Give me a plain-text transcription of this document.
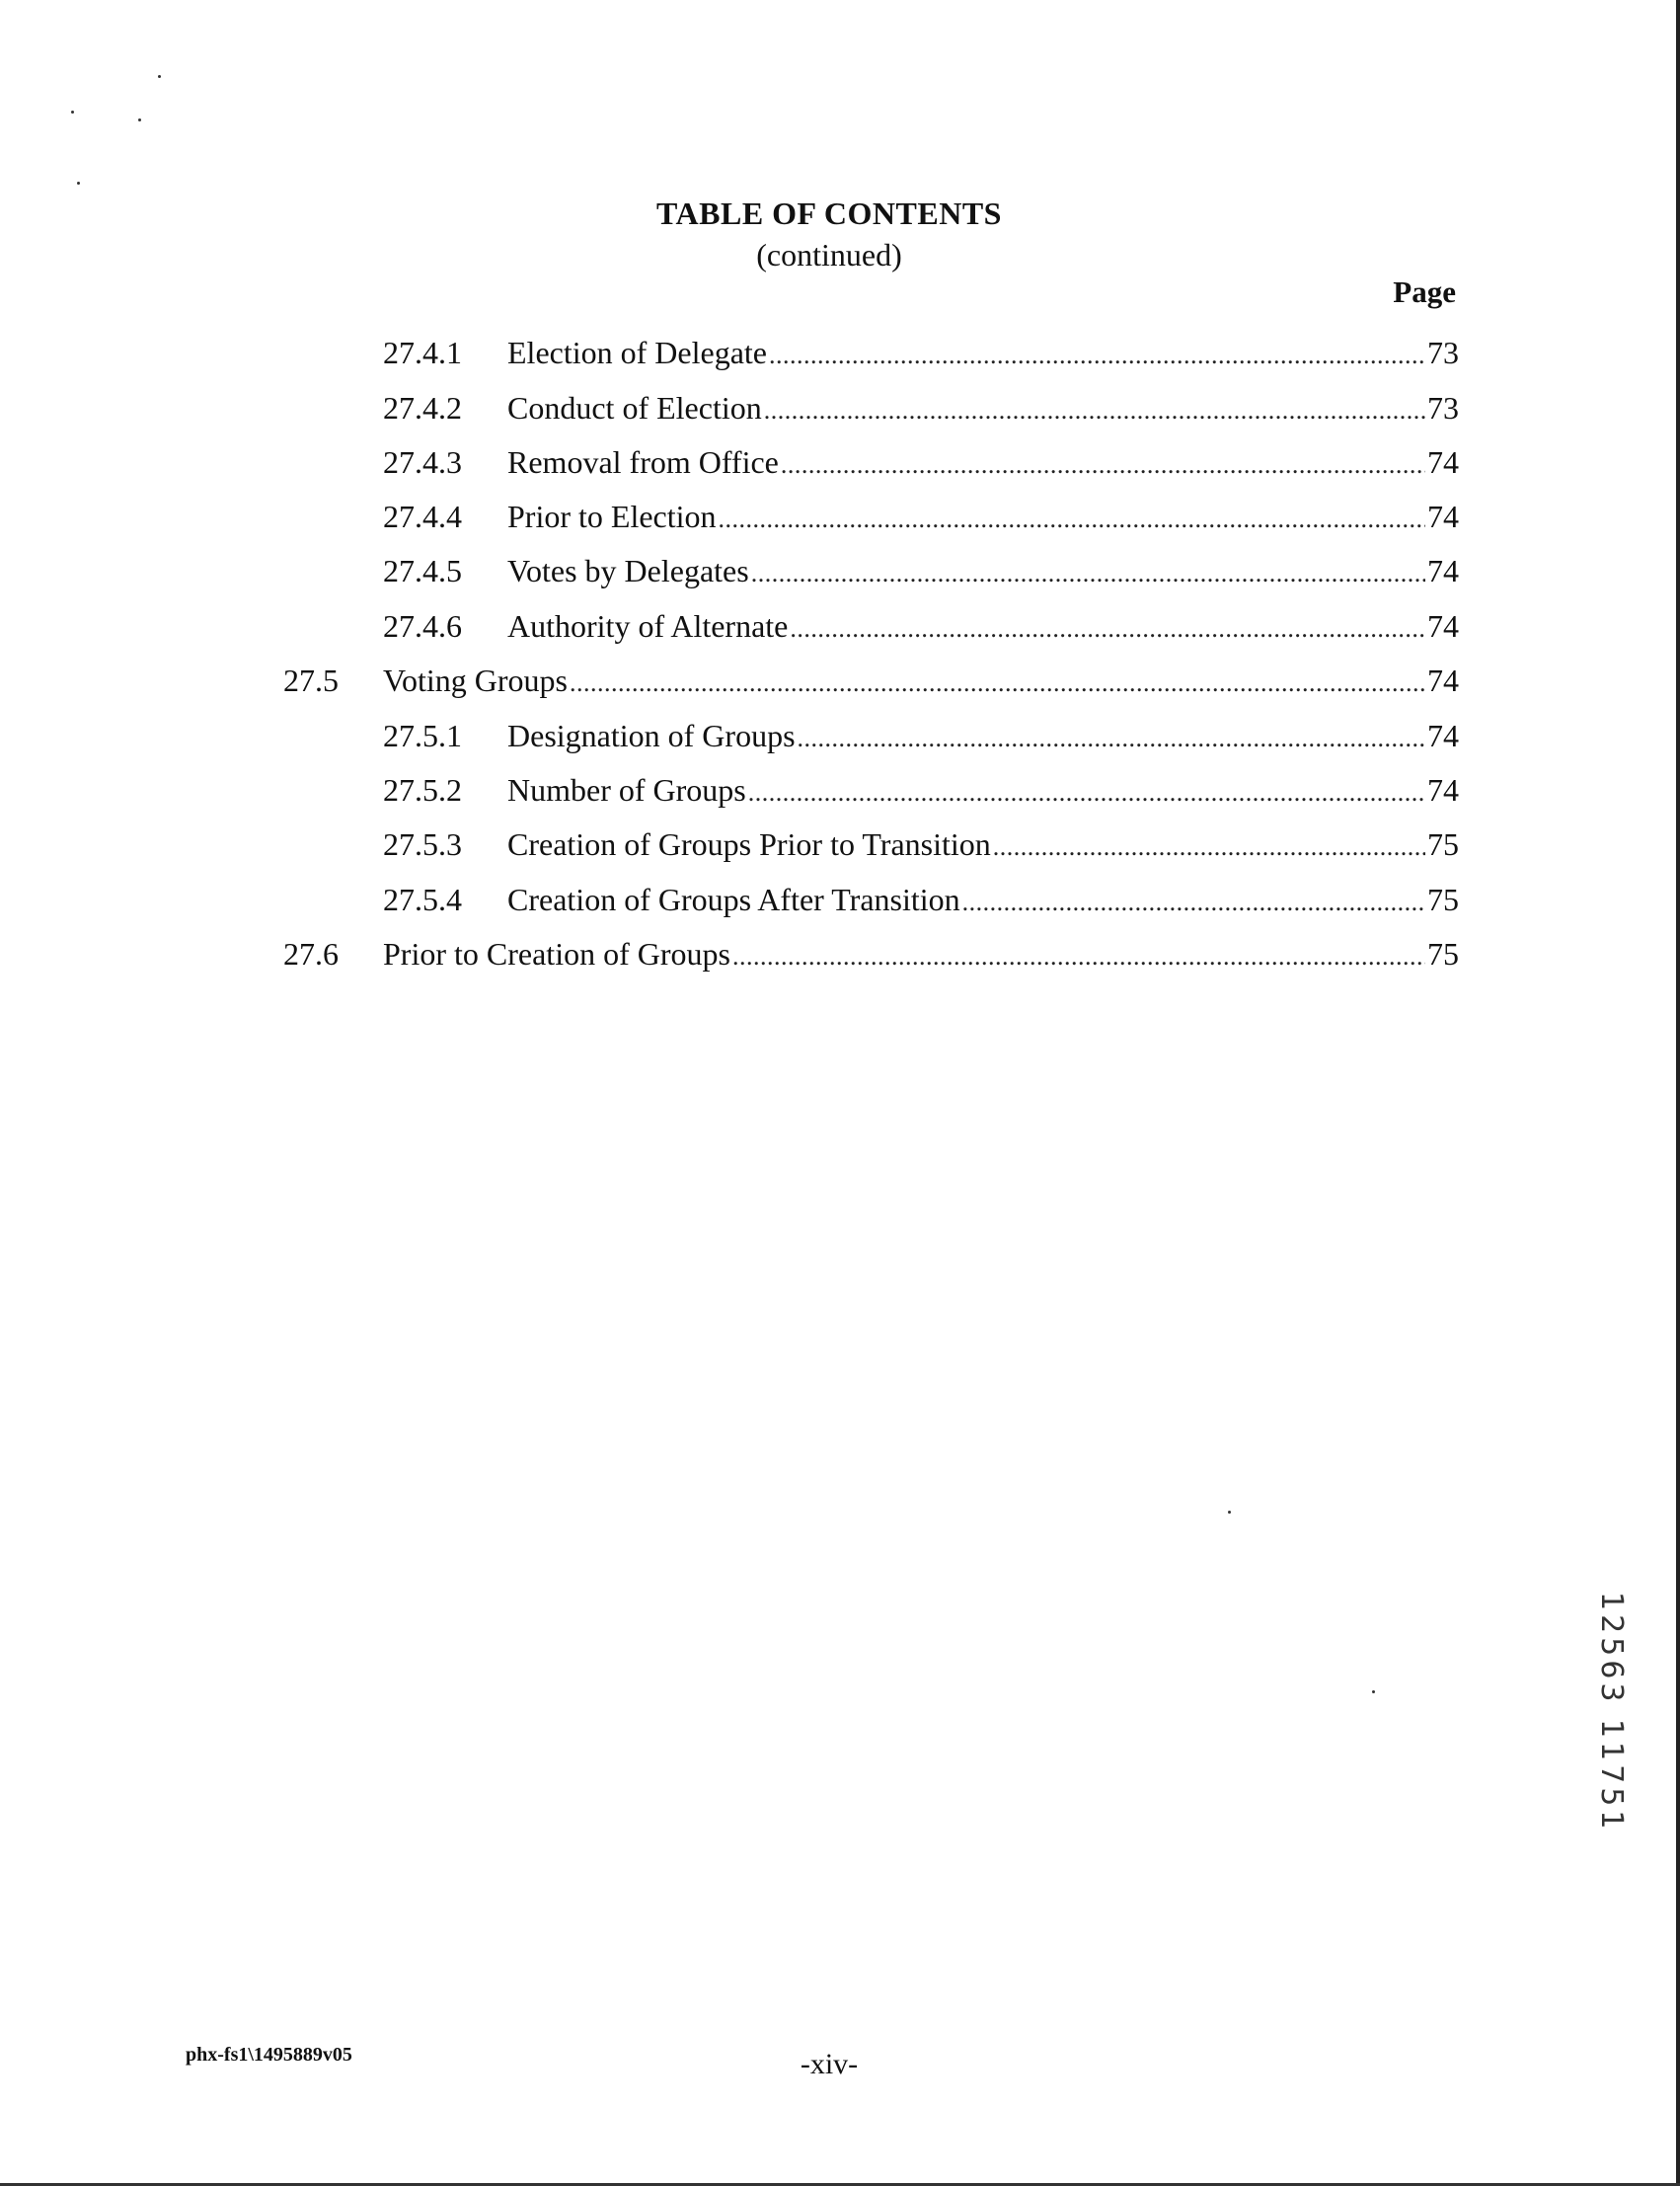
TABLE OF CONTENTS
(continued)
Page
27.4.1 Election of Delegate . . .	73
27.4.2 Conduct of Election . . .	73
27.4.3 Removal from Office . . .	74
27.4.4 Prior to Election . . .	74
27.4.5 Votes by Delegates . . .	74
27.4.6 Authority of Alternate . . .	74
27.5 Voting Groups . . .	74
27.5.1 Designation of Groups . . .	74
27.5.2 Number of Groups . . .	74
27.5.3 Creation of Groups Prior to Transition . . .	75
27.5.4 Creation of Groups After Transition . . .	75
27.6 Prior to Creation of Groups . . .	75
12563 11751
phx-fs1\1495889v05	-xiv-
